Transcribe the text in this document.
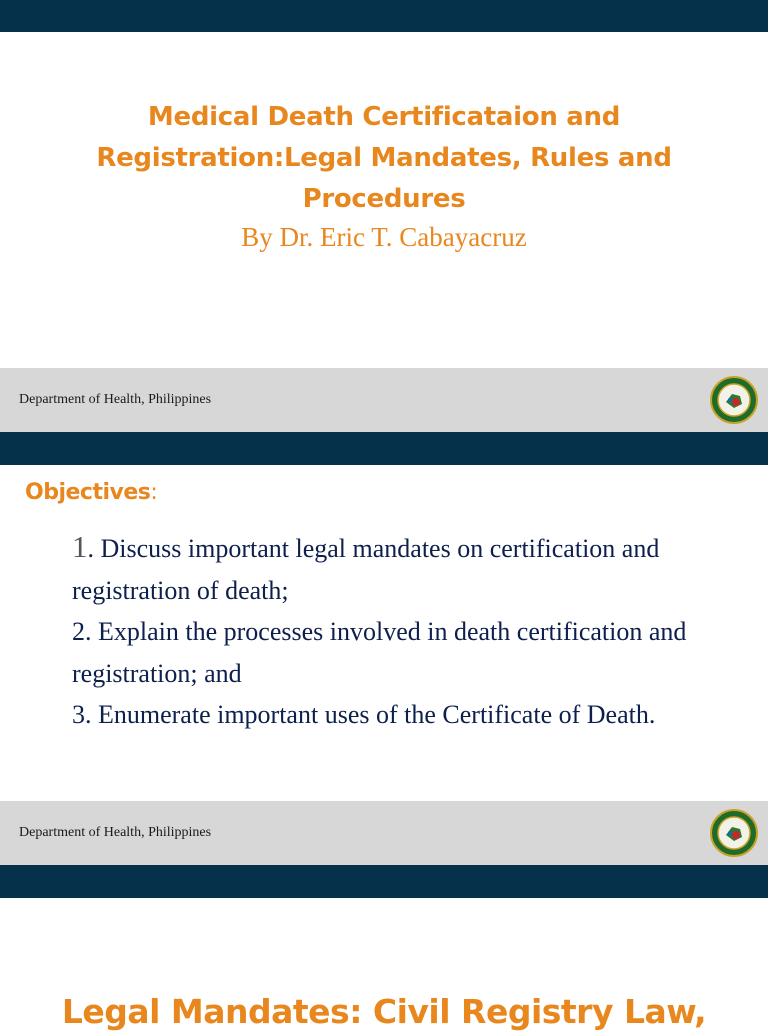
Medical Death Certificataion and
Registration:Legal Mandates, Rules and
Procedures
By Dr. Eric T. Cabayacruz
Department of Health, Philippines
Objectives:
1. Discuss important legal mandates on certification and registration of death;
2. Explain the processes involved in death certification and registration; and
3. Enumerate important uses of the Certificate of Death.
Department of Health, Philippines
Legal Mandates: Civil Registry Law,
